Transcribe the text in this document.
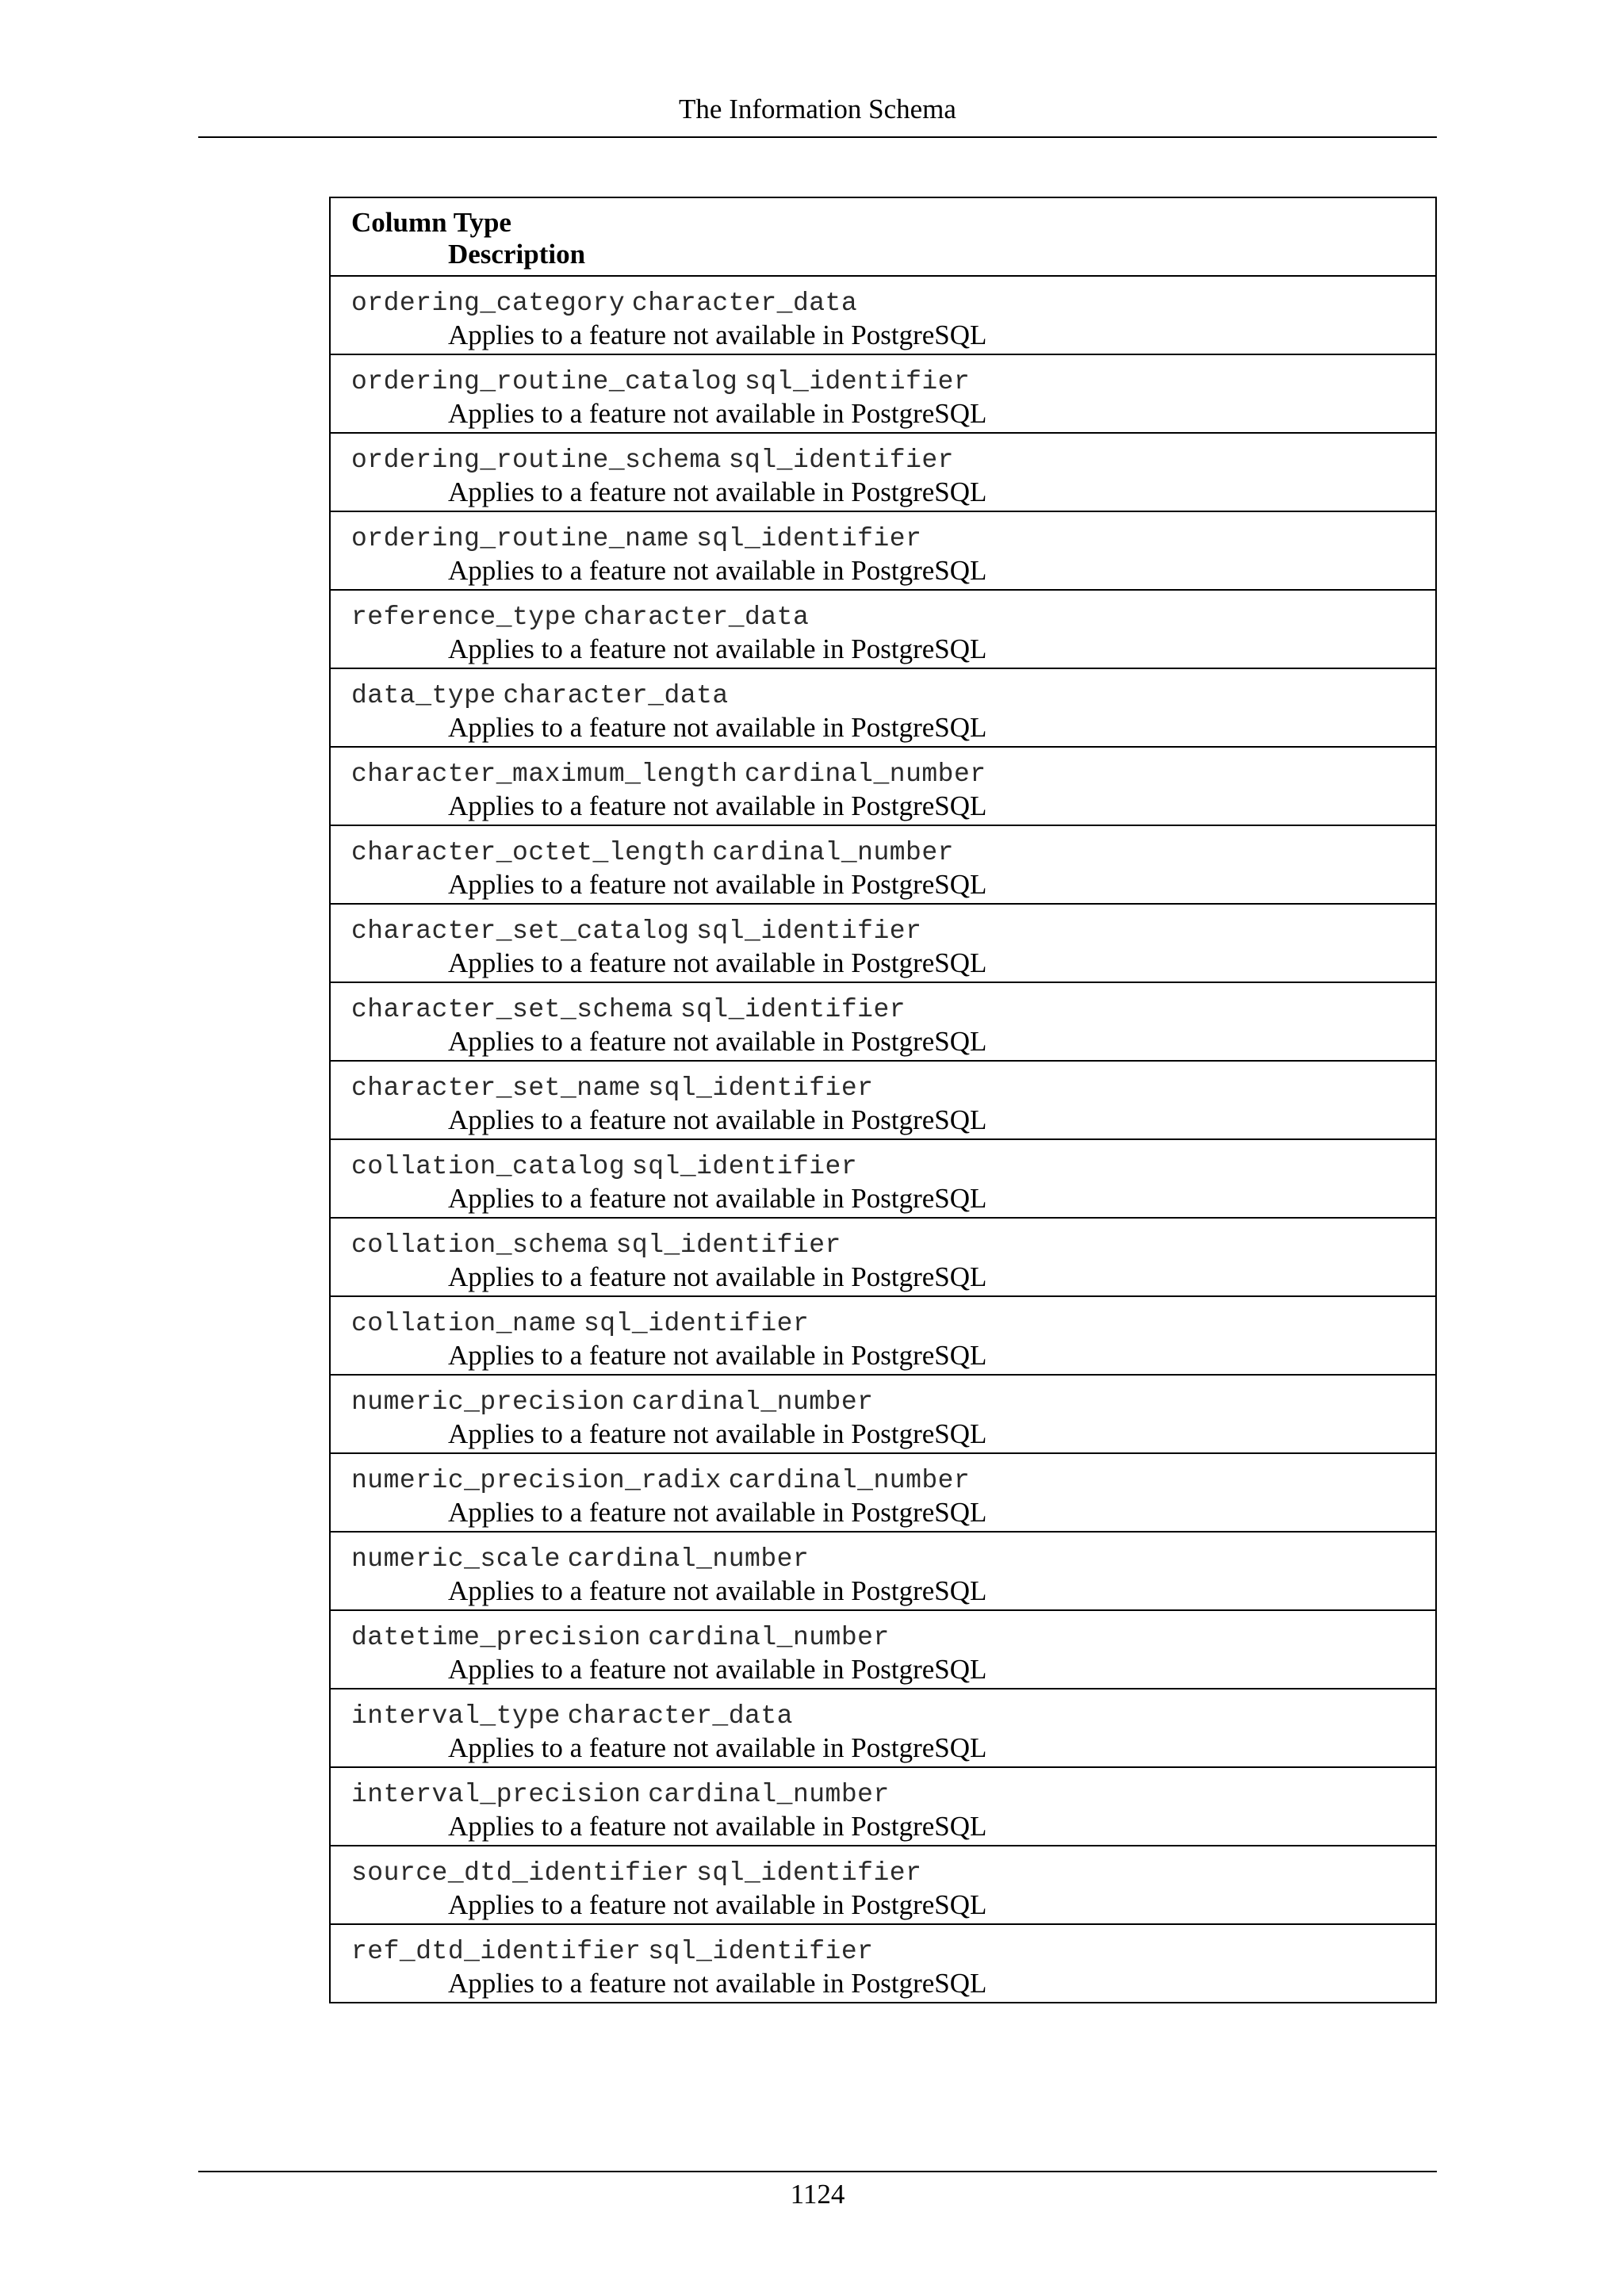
The Information Schema
Column Type
Description
ordering_category character_data
Applies to a feature not available in PostgreSQL
ordering_routine_catalog sql_identifier
Applies to a feature not available in PostgreSQL
ordering_routine_schema sql_identifier
Applies to a feature not available in PostgreSQL
ordering_routine_name sql_identifier
Applies to a feature not available in PostgreSQL
reference_type character_data
Applies to a feature not available in PostgreSQL
data_type character_data
Applies to a feature not available in PostgreSQL
character_maximum_length cardinal_number
Applies to a feature not available in PostgreSQL
character_octet_length cardinal_number
Applies to a feature not available in PostgreSQL
character_set_catalog sql_identifier
Applies to a feature not available in PostgreSQL
character_set_schema sql_identifier
Applies to a feature not available in PostgreSQL
character_set_name sql_identifier
Applies to a feature not available in PostgreSQL
collation_catalog sql_identifier
Applies to a feature not available in PostgreSQL
collation_schema sql_identifier
Applies to a feature not available in PostgreSQL
collation_name sql_identifier
Applies to a feature not available in PostgreSQL
numeric_precision cardinal_number
Applies to a feature not available in PostgreSQL
numeric_precision_radix cardinal_number
Applies to a feature not available in PostgreSQL
numeric_scale cardinal_number
Applies to a feature not available in PostgreSQL
datetime_precision cardinal_number
Applies to a feature not available in PostgreSQL
interval_type character_data
Applies to a feature not available in PostgreSQL
interval_precision cardinal_number
Applies to a feature not available in PostgreSQL
source_dtd_identifier sql_identifier
Applies to a feature not available in PostgreSQL
ref_dtd_identifier sql_identifier
Applies to a feature not available in PostgreSQL
1124
